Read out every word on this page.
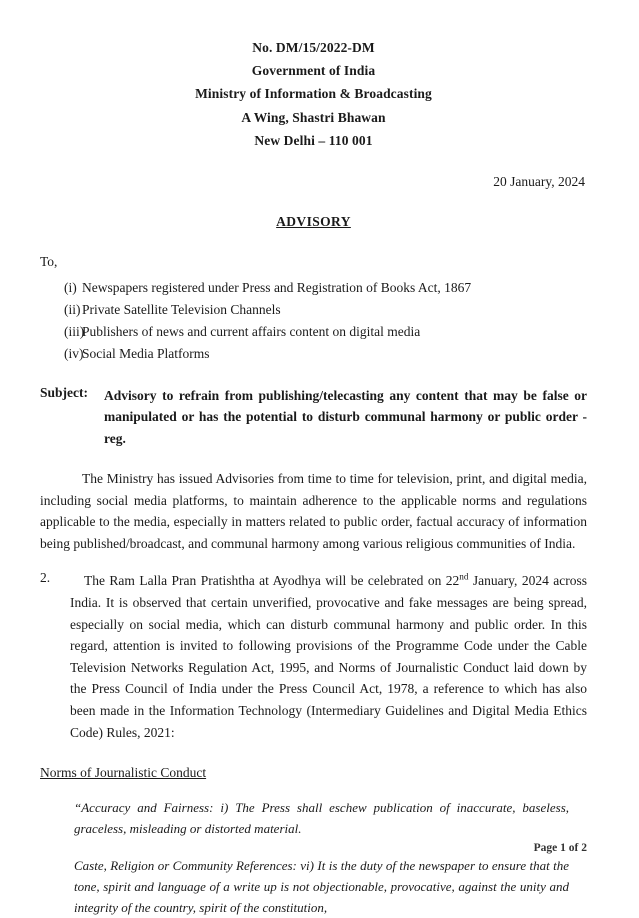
No. DM/15/2022-DM
Government of India
Ministry of Information & Broadcasting
A Wing, Shastri Bhawan
New Delhi – 110 001
20 January, 2024
ADVISORY
To,
(i) Newspapers registered under Press and Registration of Books Act, 1867
(ii) Private Satellite Television Channels
(iii)
Publishers of news and current affairs content on digital media
(iv)
Social Media Platforms
Subject:	Advisory to refrain from publishing/telecasting any content that may be false or manipulated or has the potential to disturb communal harmony or public order - reg.

The Ministry has issued Advisories from time to time for television, print, and digital media, including social media platforms, to maintain adherence to the applicable norms and regulations applicable to the media, especially in matters related to public order, factual accuracy of information being published/broadcast, and communal harmony among various religious communities of India.

2.	The Ram Lalla Pran Pratishtha at Ayodhya will be celebrated on 22nd January, 2024 across India. It is observed that certain unverified, provocative and fake messages are being spread, especially on social media, which can disturb communal harmony and public order. In this regard, attention is invited to following provisions of the Programme Code under the Cable Television Networks Regulation Act, 1995, and Norms of Journalistic Conduct laid down by the Press Council of India under the Press Council Act, 1978, a reference to which has also been made in the Information Technology (Intermediary Guidelines and Digital Media Ethics Code) Rules, 2021:
Norms of Journalistic Conduct

“Accuracy and Fairness: i) The Press shall eschew publication of inaccurate, baseless, graceless, misleading or distorted material.

Caste, Religion or Community References: vi) It is the duty of the newspaper to ensure that the tone, spirit and language of a write up is not objectionable, provocative, against the unity and integrity of the country, spirit of the constitution,

Page 1 of 2
